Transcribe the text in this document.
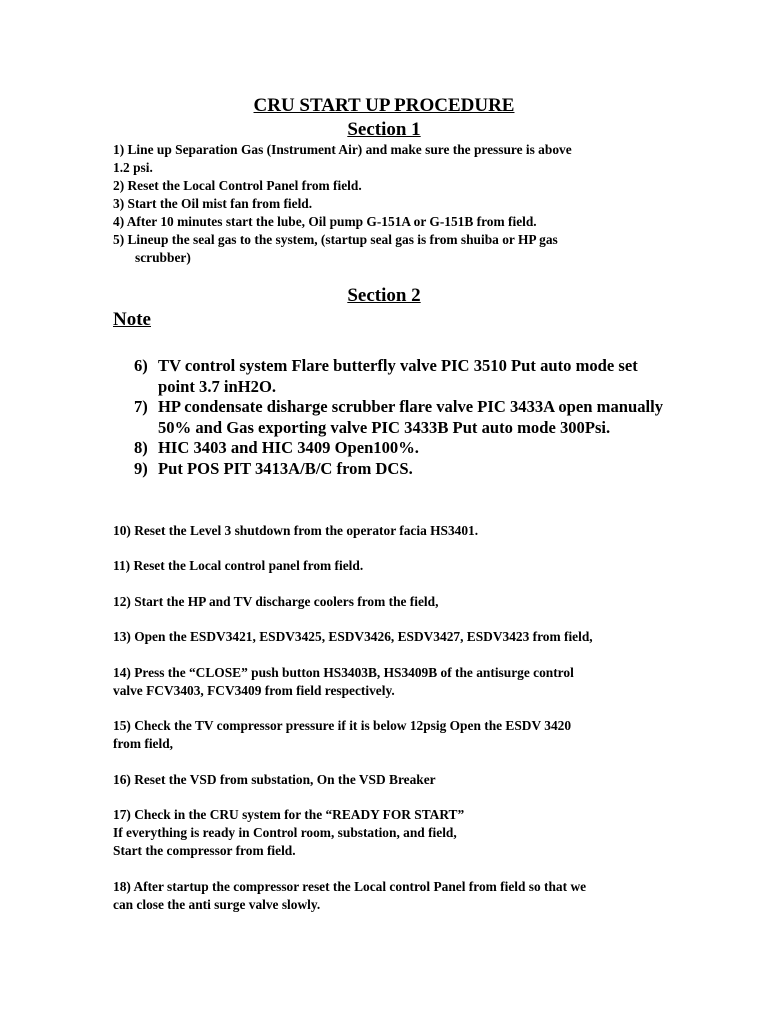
CRU START UP PROCEDURE
Section 1
1) Line up Separation Gas (Instrument Air) and make sure the pressure is above
1.2 psi.
2) Reset the Local Control Panel from field.
3) Start the Oil mist fan from field.
4) After 10 minutes start the lube, Oil pump G-151A or G-151B from field.
5) Lineup the seal gas to the system, (startup seal gas is from shuiba or HP gas
scrubber)
Section 2
Note
6) TV control system Flare butterfly valve PIC 3510 Put auto mode set point 3.7 inH2O.
7) HP condensate disharge scrubber flare valve PIC 3433A open manually 50% and Gas exporting valve PIC 3433B Put auto mode 300Psi.
8) HIC 3403 and HIC 3409 Open100%.
9) Put POS PIT 3413A/B/C from DCS.
10) Reset the Level 3 shutdown from the operator facia HS3401.
11) Reset the Local control panel from field.
12) Start the HP and TV discharge coolers from the field,
13) Open the ESDV3421, ESDV3425, ESDV3426, ESDV3427, ESDV3423 from field,
14) Press the “CLOSE” push button HS3403B, HS3409B of the antisurge control
valve FCV3403, FCV3409 from field respectively.
15) Check the TV compressor pressure if it is below 12psig Open the ESDV 3420
from field,
16) Reset the VSD from substation, On the VSD Breaker
17) Check in the CRU system for the “READY FOR START”
If everything is ready in Control room, substation, and field,
Start the compressor from field.
18) After startup the compressor reset the Local control Panel from field so that we
can close the anti surge valve slowly.
